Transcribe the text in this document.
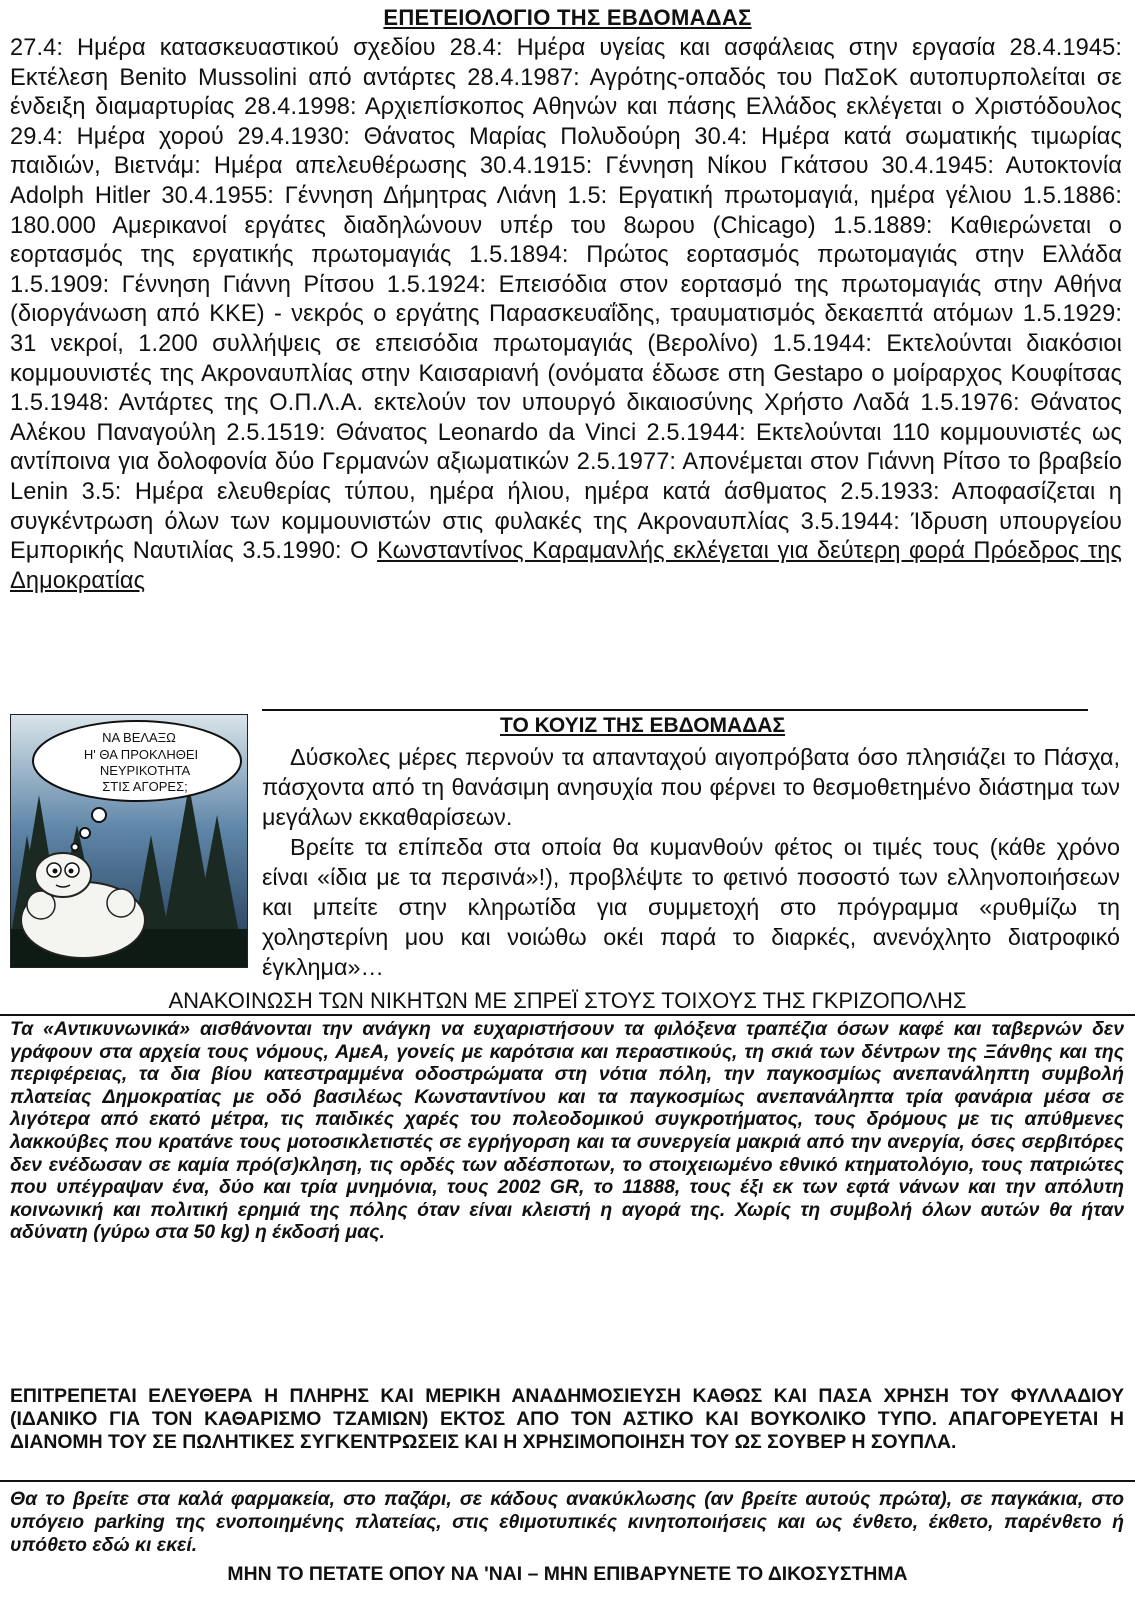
ΕΠΕΤΕΙΟΛΟΓΙΟ ΤΗΣ ΕΒΔΟΜΑΔΑΣ
27.4: Ημέρα κατασκευαστικού σχεδίου 28.4: Ημέρα υγείας και ασφάλειας στην εργασία 28.4.1945: Εκτέλεση Benito Mussolini από αντάρτες 28.4.1987: Αγρότης-οπαδός του ΠαΣοΚ αυτοπυρπολείται σε ένδειξη διαμαρτυρίας 28.4.1998: Αρχιεπίσκοπος Αθηνών και πάσης Ελλάδος εκλέγεται ο Χριστόδουλος 29.4: Ημέρα χορού 29.4.1930: Θάνατος Μαρίας Πολυδούρη 30.4: Ημέρα κατά σωματικής τιμωρίας παιδιών, Βιετνάμ: Ημέρα απελευθέρωσης 30.4.1915: Γέννηση Νίκου Γκάτσου 30.4.1945: Αυτοκτονία Adolph Hitler 30.4.1955: Γέννηση Δήμητρας Λιάνη 1.5: Εργατική πρωτομαγιά, ημέρα γέλιου 1.5.1886: 180.000 Αμερικανοί εργάτες διαδηλώνουν υπέρ του 8ωρου (Chicago) 1.5.1889: Καθιερώνεται ο εορτασμός της εργατικής πρωτομαγιάς 1.5.1894: Πρώτος εορτασμός πρωτομαγιάς στην Ελλάδα 1.5.1909: Γέννηση Γιάννη Ρίτσου 1.5.1924: Επεισόδια στον εορτασμό της πρωτομαγιάς στην Αθήνα (διοργάνωση από ΚΚΕ) - νεκρός ο εργάτης Παρασκευαΐδης, τραυματισμός δεκαεπτά ατόμων 1.5.1929: 31 νεκροί, 1.200 συλλήψεις σε επεισόδια πρωτομαγιάς (Βερολίνο) 1.5.1944: Εκτελούνται διακόσιοι κομμουνιστές της Ακροναυπλίας στην Καισαριανή (ονόματα έδωσε στη Gestapo ο μοίραρχος Κουφίτσας 1.5.1948: Αντάρτες της Ο.Π.Λ.Α. εκτελούν τον υπουργό δικαιοσύνης Χρήστο Λαδά 1.5.1976: Θάνατος Αλέκου Παναγούλη 2.5.1519: Θάνατος Leonardo da Vinci 2.5.1944: Εκτελούνται 110 κομμουνιστές ως αντίποινα για δολοφονία δύο Γερμανών αξιωματικών 2.5.1977: Απονέμεται στον Γιάννη Ρίτσο το βραβείο Lenin 3.5: Ημέρα ελευθερίας τύπου, ημέρα ήλιου, ημέρα κατά άσθματος 2.5.1933: Αποφασίζεται η συγκέντρωση όλων των κομμουνιστών στις φυλακές της Ακροναυπλίας 3.5.1944: Ίδρυση υπουργείου Εμπορικής Ναυτιλίας 3.5.1990: Ο Κωνσταντίνος Καραμανλής εκλέγεται για δεύτερη φορά Πρόεδρος της Δημοκρατίας
ΤΟ ΚΟΥΙΖ ΤΗΣ ΕΒΔΟΜΑΔΑΣ
ΝΑ ΒΕΛΑΞΩ
Η' ΘΑ ΠΡΟΚΛΗΘΕΙ
ΝΕΥΡΙΚΟΤΗΤΑ
ΣΤΙΣ ΑΓΟΡΕΣ;

Δύσκολες μέρες περνούν τα απανταχού αιγοπρόβατα όσο πλησιάζει το Πάσχα, πάσχοντα από τη θανάσιμη ανησυχία που φέρνει το θεσμοθετημένο διάστημα των μεγάλων εκκαθαρίσεων.

Βρείτε τα επίπεδα στα οποία θα κυμανθούν φέτος οι τιμές τους (κάθε χρόνο είναι «ίδια με τα περσινά»!), προβλέψτε το φετινό ποσοστό των ελληνοποιήσεων και μπείτε στην κληρωτίδα για συμμετοχή στο πρόγραμμα «ρυθμίζω τη χοληστερίνη μου και νοιώθω οκέι παρά το διαρκές, ανενόχλητο διατροφικό έγκλημα»…

ΑΝΑΚΟΙΝΩΣΗ ΤΩΝ ΝΙΚΗΤΩΝ ΜΕ ΣΠΡΕΪ ΣΤΟΥΣ ΤΟΙΧΟΥΣ ΤΗΣ ΓΚΡΙΖΟΠΟΛΗΣ
Τα «Αντικυνωνικά» αισθάνονται την ανάγκη να ευχαριστήσουν τα φιλόξενα τραπέζια όσων καφέ και ταβερνών δεν γράφουν στα αρχεία τους νόμους, ΑμεΑ, γονείς με καρότσια και περαστικούς, τη σκιά των δέντρων της Ξάνθης και της περιφέρειας, τα δια βίου κατεστραμμένα οδοστρώματα στη νότια πόλη, την παγκοσμίως ανεπανάληπτη συμβολή πλατείας Δημοκρατίας με οδό βασιλέως Κωνσταντίνου και τα παγκοσμίως ανεπανάληπτα τρία φανάρια μέσα σε λιγότερα από εκατό μέτρα, τις παιδικές χαρές του πολεοδομικού συγκροτήματος, τους δρόμους με τις απύθμενες λακκούβες που κρατάνε τους μοτοσικλετιστές σε εγρήγορση και τα συνεργεία μακριά από την ανεργία, όσες σερβιτόρες δεν ενέδωσαν σε καμία πρό(σ)κληση, τις ορδές των αδέσποτων, το στοιχειωμένο εθνικό κτηματολόγιο, τους πατριώτες που υπέγραψαν ένα, δύο και τρία μνημόνια, τους 2002 GR, το 11888, τους έξι εκ των εφτά νάνων και την απόλυτη κοινωνική και πολιτική ερημιά της πόλης όταν είναι κλειστή η αγορά της. Χωρίς τη συμβολή όλων αυτών θα ήταν αδύνατη (γύρω στα 50 kg) η έκδοσή μας.
ΕΠΙΤΡΕΠΕΤΑΙ ΕΛΕΥΘΕΡΑ Η ΠΛΗΡΗΣ ΚΑΙ ΜΕΡΙΚΗ ΑΝΑΔΗΜΟΣΙΕΥΣΗ ΚΑΘΩΣ ΚΑΙ ΠΑΣΑ ΧΡΗΣΗ ΤΟΥ ΦΥΛΛΑΔΙΟΥ (ΙΔΑΝΙΚΟ ΓΙΑ ΤΟΝ ΚΑΘΑΡΙΣΜΟ ΤΖΑΜΙΩΝ) ΕΚΤΟΣ ΑΠΟ ΤΟΝ ΑΣΤΙΚΟ ΚΑΙ ΒΟΥΚΟΛΙΚΟ ΤΥΠΟ. ΑΠΑΓΟΡΕΥΕΤΑΙ Η ΔΙΑΝΟΜΗ ΤΟΥ ΣΕ ΠΩΛΗΤΙΚΕΣ ΣΥΓΚΕΝΤΡΩΣΕΙΣ ΚΑΙ Η ΧΡΗΣΙΜΟΠΟΙΗΣΗ ΤΟΥ ΩΣ ΣΟΥΒΕΡ Η ΣΟΥΠΛΑ.
Θα το βρείτε στα καλά φαρμακεία, στο παζάρι, σε κάδους ανακύκλωσης (αν βρείτε αυτούς πρώτα), σε παγκάκια, στο υπόγειο parking της ενοποιημένης πλατείας, στις εθιμοτυπικές κινητοποιήσεις και ως ένθετο, έκθετο, παρένθετο ή υπόθετο εδώ κι εκεί.
ΜΗΝ ΤΟ ΠΕΤΑΤΕ ΟΠΟΥ ΝΑ 'ΝΑΙ – ΜΗΝ ΕΠΙΒΑΡΥΝΕΤΕ ΤΟ ΔΙΚΟΣΥΣΤΗΜΑ
